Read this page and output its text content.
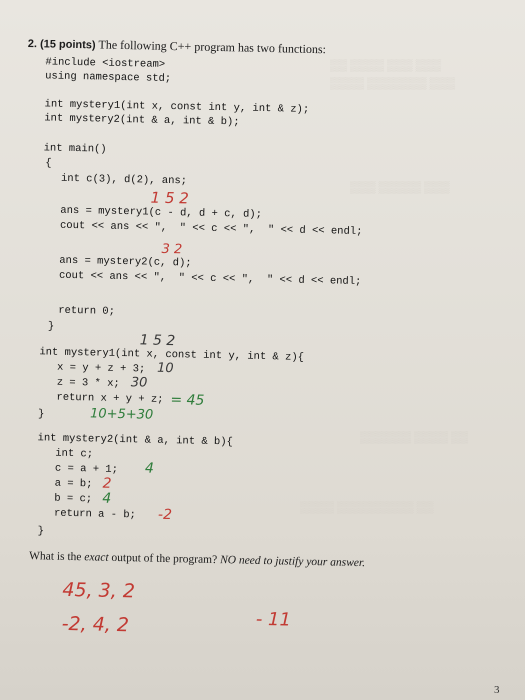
▒▒ ▒▒▒▒ ▒▒▒ ▒▒▒
▒▒▒▒ ▒▒▒▒▒▒▒ ▒▒▒
▒▒▒ ▒▒▒▒▒ ▒▒▒
▒▒▒▒▒▒ ▒▒▒▒ ▒▒
▒▒▒▒ ▒▒▒▒▒▒▒▒▒ ▒▒
2. (15 points) The following C++ program has two functions:
#include <iostream>
using namespace std;
int mystery1(int x, const int y, int & z);
int mystery2(int & a, int & b);
int main()
{
int c(3), d(2), ans;
1 5 2
ans = mystery1(c - d, d + c, d);
cout << ans << ",  " << c << ",  " << d << endl;
3 2
ans = mystery2(c, d);
cout << ans << ",  " << c << ",  " << d << endl;
return 0;
}
1 5 2
int mystery1(int x, const int y, int & z){
x = y + z + 3; 10
z = 3 * x; 30
return x + y + z; = 45
10+5+30
}
int mystery2(int & a, int & b){
int c;
c = a + 1; 4
a = b; 2
b = c; 4
return a - b; -2
}
What is the exact output of the program? NO need to justify your answer.
45, 3, 2
-2, 4, 2	- 11
3
